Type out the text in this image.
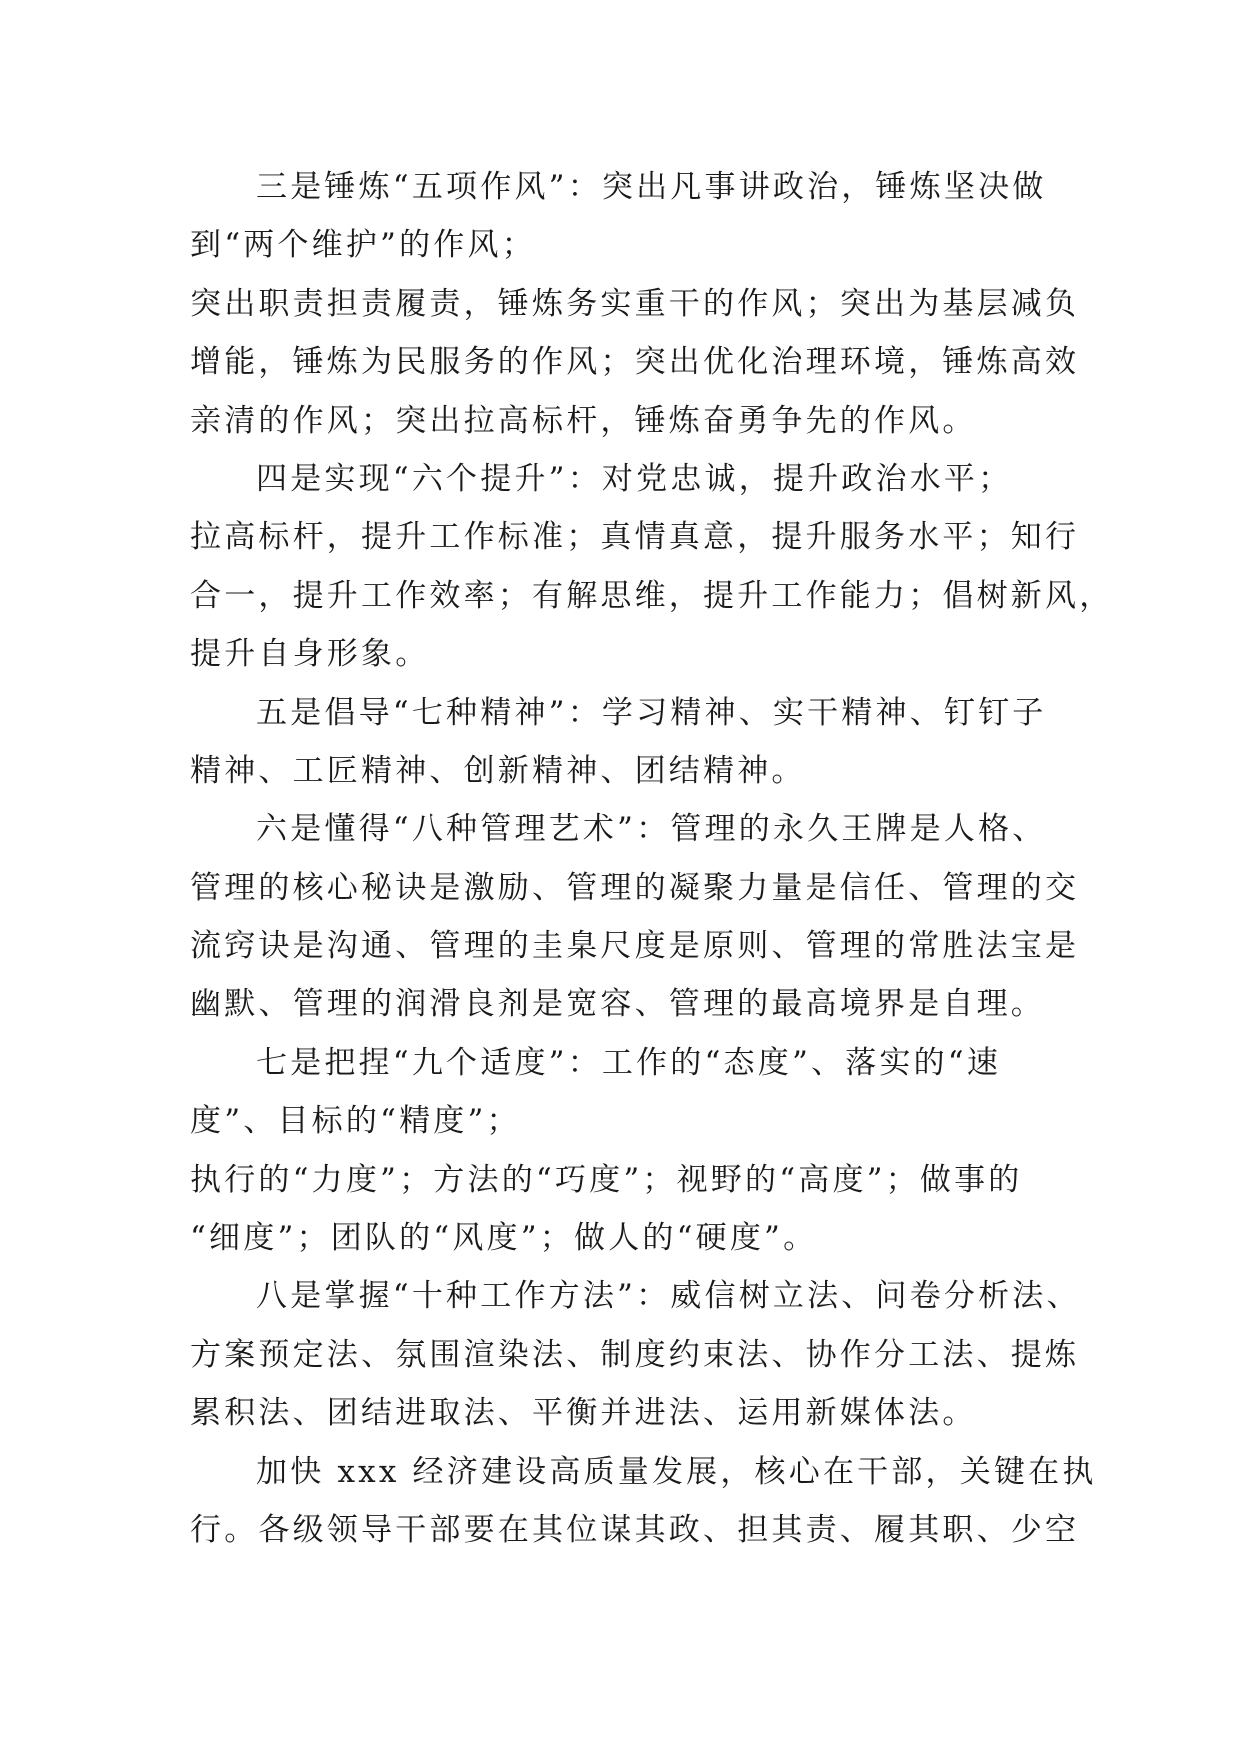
三是锤炼“五项作风”：突出凡事讲政治，锤炼坚决做
到“两个维护”的作风；
突出职责担责履责，锤炼务实重干的作风；突出为基层减负
增能，锤炼为民服务的作风；突出优化治理环境，锤炼高效
亲清的作风；突出拉高标杆，锤炼奋勇争先的作风。
四是实现“六个提升”：对党忠诚，提升政治水平；
拉高标杆，提升工作标准；真情真意，提升服务水平；知行
合一，提升工作效率；有解思维，提升工作能力；倡树新风，
提升自身形象。
五是倡导“七种精神”：学习精神、实干精神、钉钉子
精神、工匠精神、创新精神、团结精神。
六是懂得“八种管理艺术”：管理的永久王牌是人格、
管理的核心秘诀是激励、管理的凝聚力量是信任、管理的交
流窍诀是沟通、管理的圭臬尺度是原则、管理的常胜法宝是
幽默、管理的润滑良剂是宽容、管理的最高境界是自理。
七是把捏“九个适度”：工作的“态度”、落实的“速
度”、目标的“精度”；
执行的“力度”；方法的“巧度”；视野的“高度”；做事的
“细度”；团队的“风度”；做人的“硬度”。
八是掌握“十种工作方法”：威信树立法、问卷分析法、
方案预定法、氛围渲染法、制度约束法、协作分工法、提炼
累积法、团结进取法、平衡并进法、运用新媒体法。
加快 xxx 经济建设高质量发展，核心在干部，关键在执
行。各级领导干部要在其位谋其政、担其责、履其职、少空
